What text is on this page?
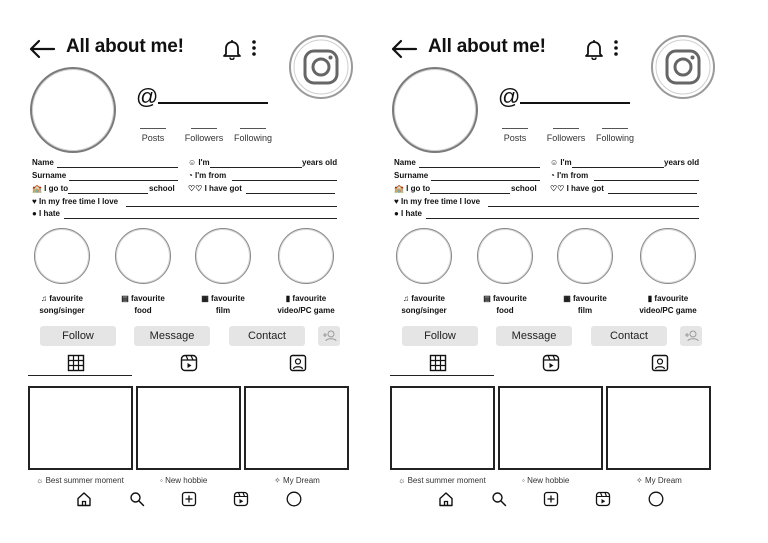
All about me!
@
Posts	Followers	Following
Name	☺ I'm	years old
Surname	◔ I'm from
🏫 I go to	school ♡♡ I have got
♥ In my free time I love
● I hate
♫ favourite
song/singer
▤ favourite
food
▦ favourite
film
▮ favourite
video/PC game
Follow	Message	Contact
☼ Best summer moment	◦ New hobbie	✧ My Dream
All about me!
@
Posts	Followers	Following
Name	☺ I'm	years old
Surname	◔ I'm from
🏫 I go to	school ♡♡ I have got
♥ In my free time I love
● I hate
♫ favourite
song/singer
▤ favourite
food
▦ favourite
film
▮ favourite
video/PC game
Follow	Message	Contact
☼ Best summer moment	◦ New hobbie	✧ My Dream
